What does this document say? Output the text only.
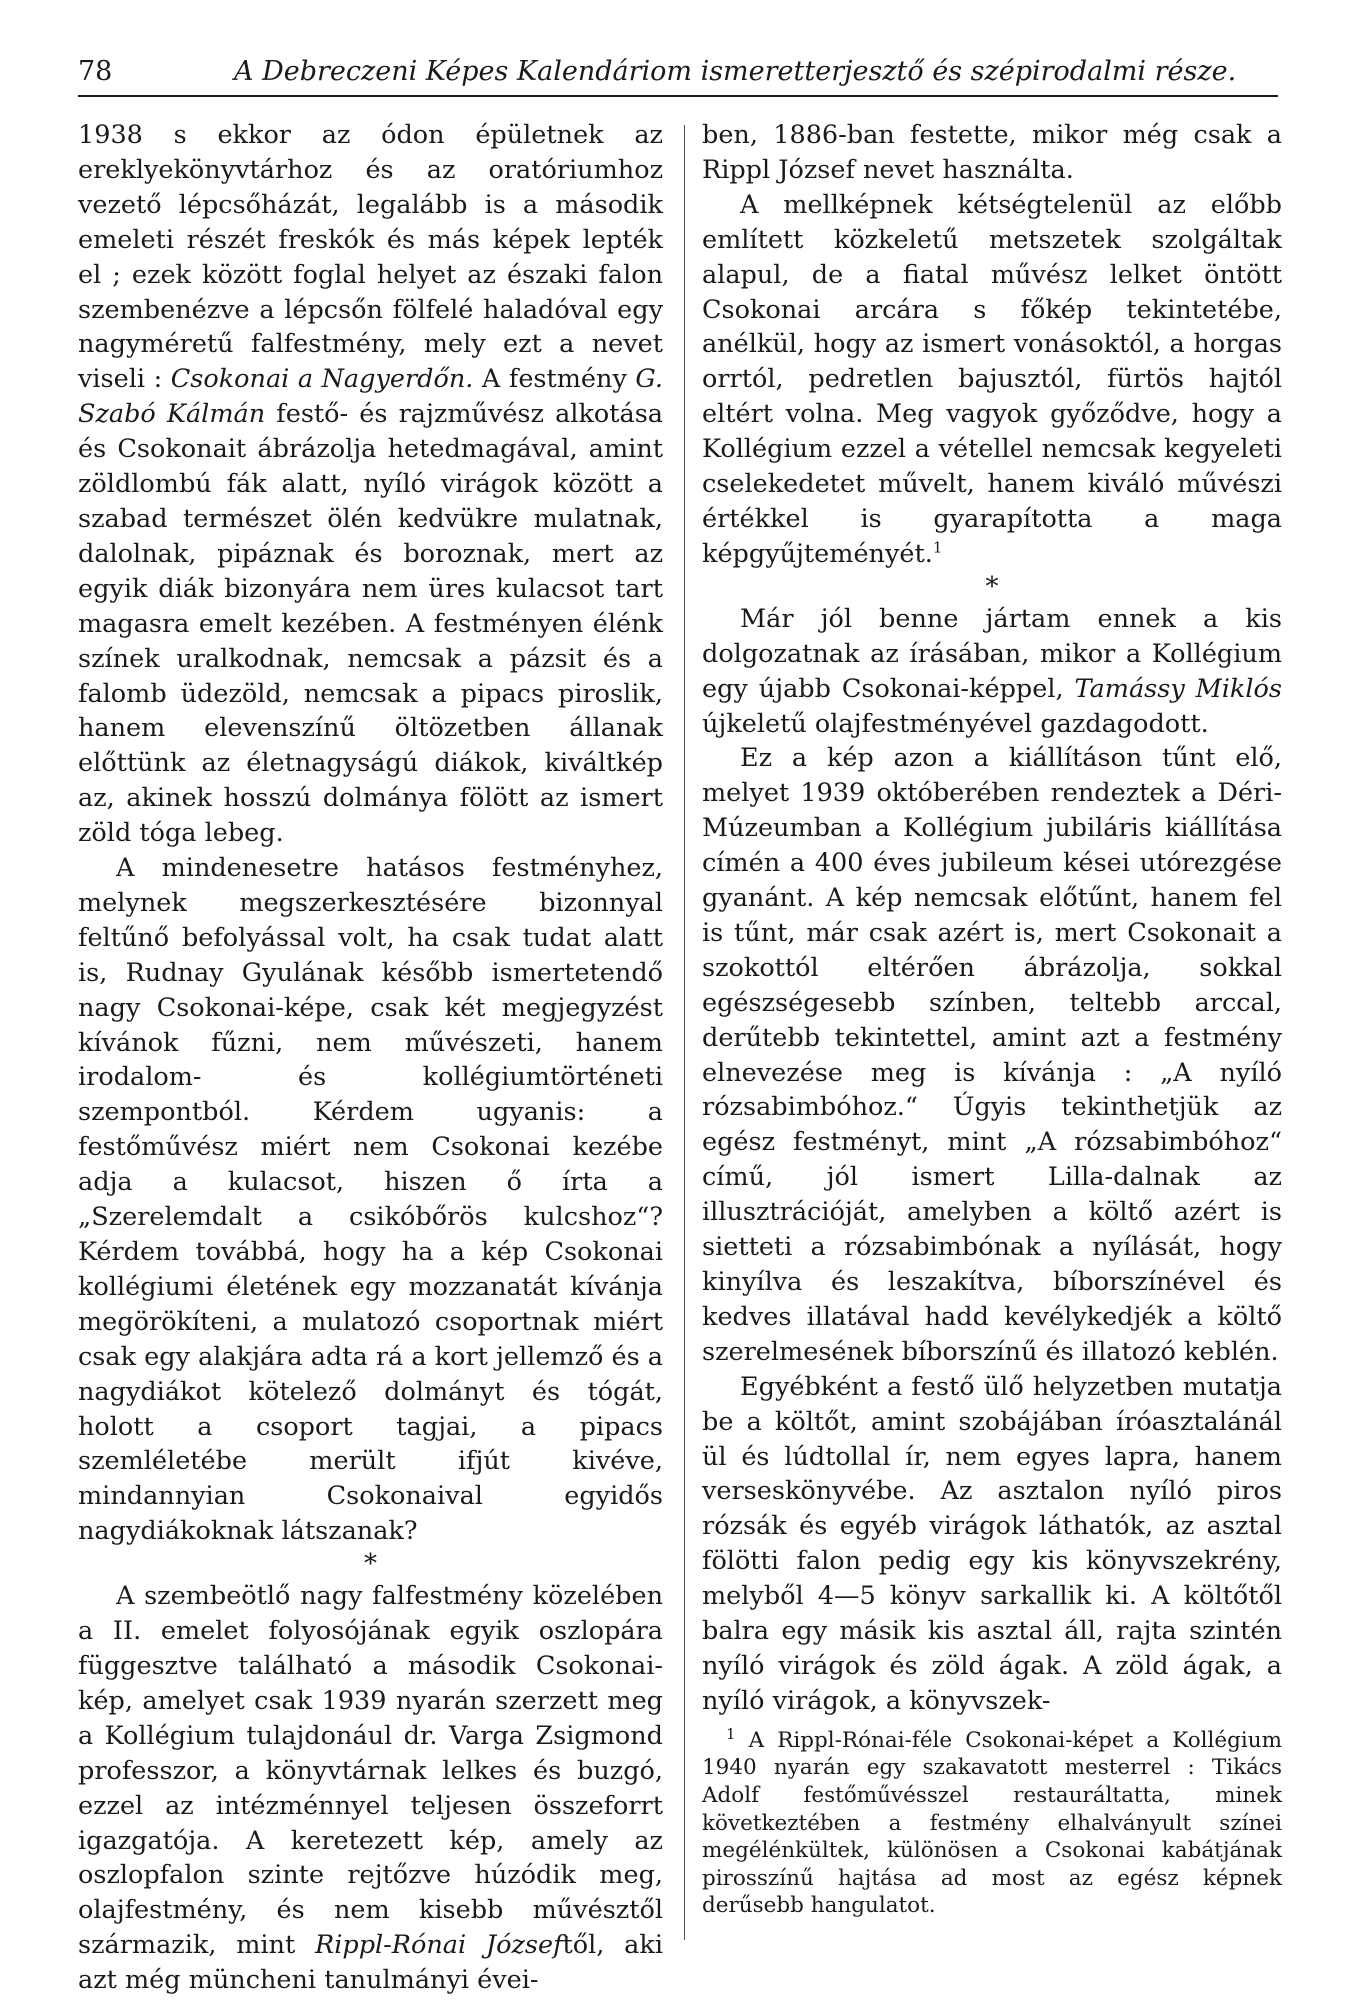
78	A Debreczeni Képes Kalendáriom ismeretterjesztő és szépirodalmi része.

1938 s ekkor az ódon épületnek az ereklyekönyvtárhoz és az oratóriumhoz vezető lépcsőházát, legalább is a második emeleti részét freskók és más képek lepték el ; ezek között foglal helyet az északi falon szembenézve a lépcsőn fölfelé haladóval egy nagyméretű falfestmény, mely ezt a nevet viseli : Csokonai a Nagyerdőn. A festmény G. Szabó Kálmán festő- és rajzművész alkotása és Csokonait ábrázolja hetedmagával, amint zöldlombú fák alatt, nyíló virágok között a szabad természet ölén kedvükre mulatnak, dalolnak, pipáznak és boroznak, mert az egyik diák bizonyára nem üres kulacsot tart magasra emelt kezében. A festményen élénk színek uralkodnak, nemcsak a pázsit és a falomb üdezöld, nemcsak a pipacs piroslik, hanem elevenszínű öltözetben állanak előttünk az életnagyságú diákok, kiváltkép az, akinek hosszú dolmánya fölött az ismert zöld tóga lebeg.

A mindenesetre hatásos festményhez, melynek megszerkesztésére bizonnyal feltűnő befolyással volt, ha csak tudat alatt is, Rudnay Gyulának később ismertetendő nagy Csokonai-képe, csak két megjegyzést kívánok fűzni, nem művészeti, hanem irodalom- és kollégiumtörténeti szempontból. Kérdem ugyanis: a festőművész miért nem Csokonai kezébe adja a kulacsot, hiszen ő írta a „Szerelemdalt a csikóbőrös kulcshoz“? Kérdem továbbá, hogy ha a kép Csokonai kollégiumi életének egy mozzanatát kívánja megörökíteni, a mulatozó csoportnak miért csak egy alakjára adta rá a kort jellemző és a nagydiákot kötelező dolmányt és tógát, holott a csoport tagjai, a pipacs szemléletébe merült ifjút kivéve, mindannyian Csokonaival egyidős nagydiákoknak látszanak?

*

A szembeötlő nagy falfestmény közelében a II. emelet folyosójának egyik oszlopára függesztve található a második Csokonai-kép, amelyet csak 1939 nyarán szerzett meg a Kollégium tulajdonául dr. Varga Zsigmond professzor, a könyvtárnak lelkes és buzgó, ezzel az intézménnyel teljesen összeforrt igazgatója. A keretezett kép, amely az oszlopfalon szinte rejtőzve húzódik meg, olajfestmény, és nem kisebb művésztől származik, mint Rippl-Rónai Józseftől, aki azt még müncheni tanulmányi évei-

ben, 1886-ban festette, mikor még csak a Rippl József nevet használta.

A mellképnek kétségtelenül az előbb említett közkeletű metszetek szolgáltak alapul, de a fiatal művész lelket öntött Csokonai arcára s főkép tekintetébe, anélkül, hogy az ismert vonásoktól, a horgas orrtól, pedretlen bajusztól, fürtös hajtól eltért volna. Meg vagyok győződve, hogy a Kollégium ezzel a vétellel nemcsak kegyeleti cselekedetet művelt, hanem kiváló művészi értékkel is gyarapította a maga képgyűjteményét.$^1$

*

Már jól benne jártam ennek a kis dolgozatnak az írásában, mikor a Kollégium egy újabb Csokonai-képpel, Tamássy Miklós újkeletű olajfestményével gazdagodott.

Ez a kép azon a kiállításon tűnt elő, melyet 1939 októberében rendeztek a Déri-Múzeumban a Kollégium jubiláris kiállítása címén a 400 éves jubileum kései utórezgése gyanánt. A kép nemcsak előtűnt, hanem fel is tűnt, már csak azért is, mert Csokonait a szokottól eltérően ábrázolja, sokkal egészségesebb színben, teltebb arccal, derűtebb tekintettel, amint azt a festmény elnevezése meg is kívánja : „A nyíló rózsabimbóhoz.“ Úgyis tekinthetjük az egész festményt, mint „A rózsabimbóhoz“ című, jól ismert Lilla-dalnak az illusztrációját, amelyben a költő azért is sietteti a rózsabimbónak a nyílását, hogy kinyílva és leszakítva, bíborszínével és kedves illatával hadd kevélykedjék a költő szerelmesének bíborszínű és illatozó keblén.

Egyébként a festő ülő helyzetben mutatja be a költőt, amint szobájában íróasztalánál ül és lúdtollal ír, nem egyes lapra, hanem verseskönyvébe. Az asztalon nyíló piros rózsák és egyéb virágok láthatók, az asztal fölötti falon pedig egy kis könyvszekrény, melyből 4—5 könyv sarkallik ki. A költőtől balra egy másik kis asztal áll, rajta szintén nyíló virágok és zöld ágak. A zöld ágak, a nyíló virágok, a könyvszek-

$^1$ A Rippl-Rónai-féle Csokonai-képet a Kollégium 1940 nyarán egy szakavatott mesterrel : Tikács Adolf festőművésszel restauráltatta, minek következtében a festmény elhalványult színei megélénkültek, különösen a Csokonai kabátjának pirosszínű hajtása ad most az egész képnek derűsebb hangulatot.
